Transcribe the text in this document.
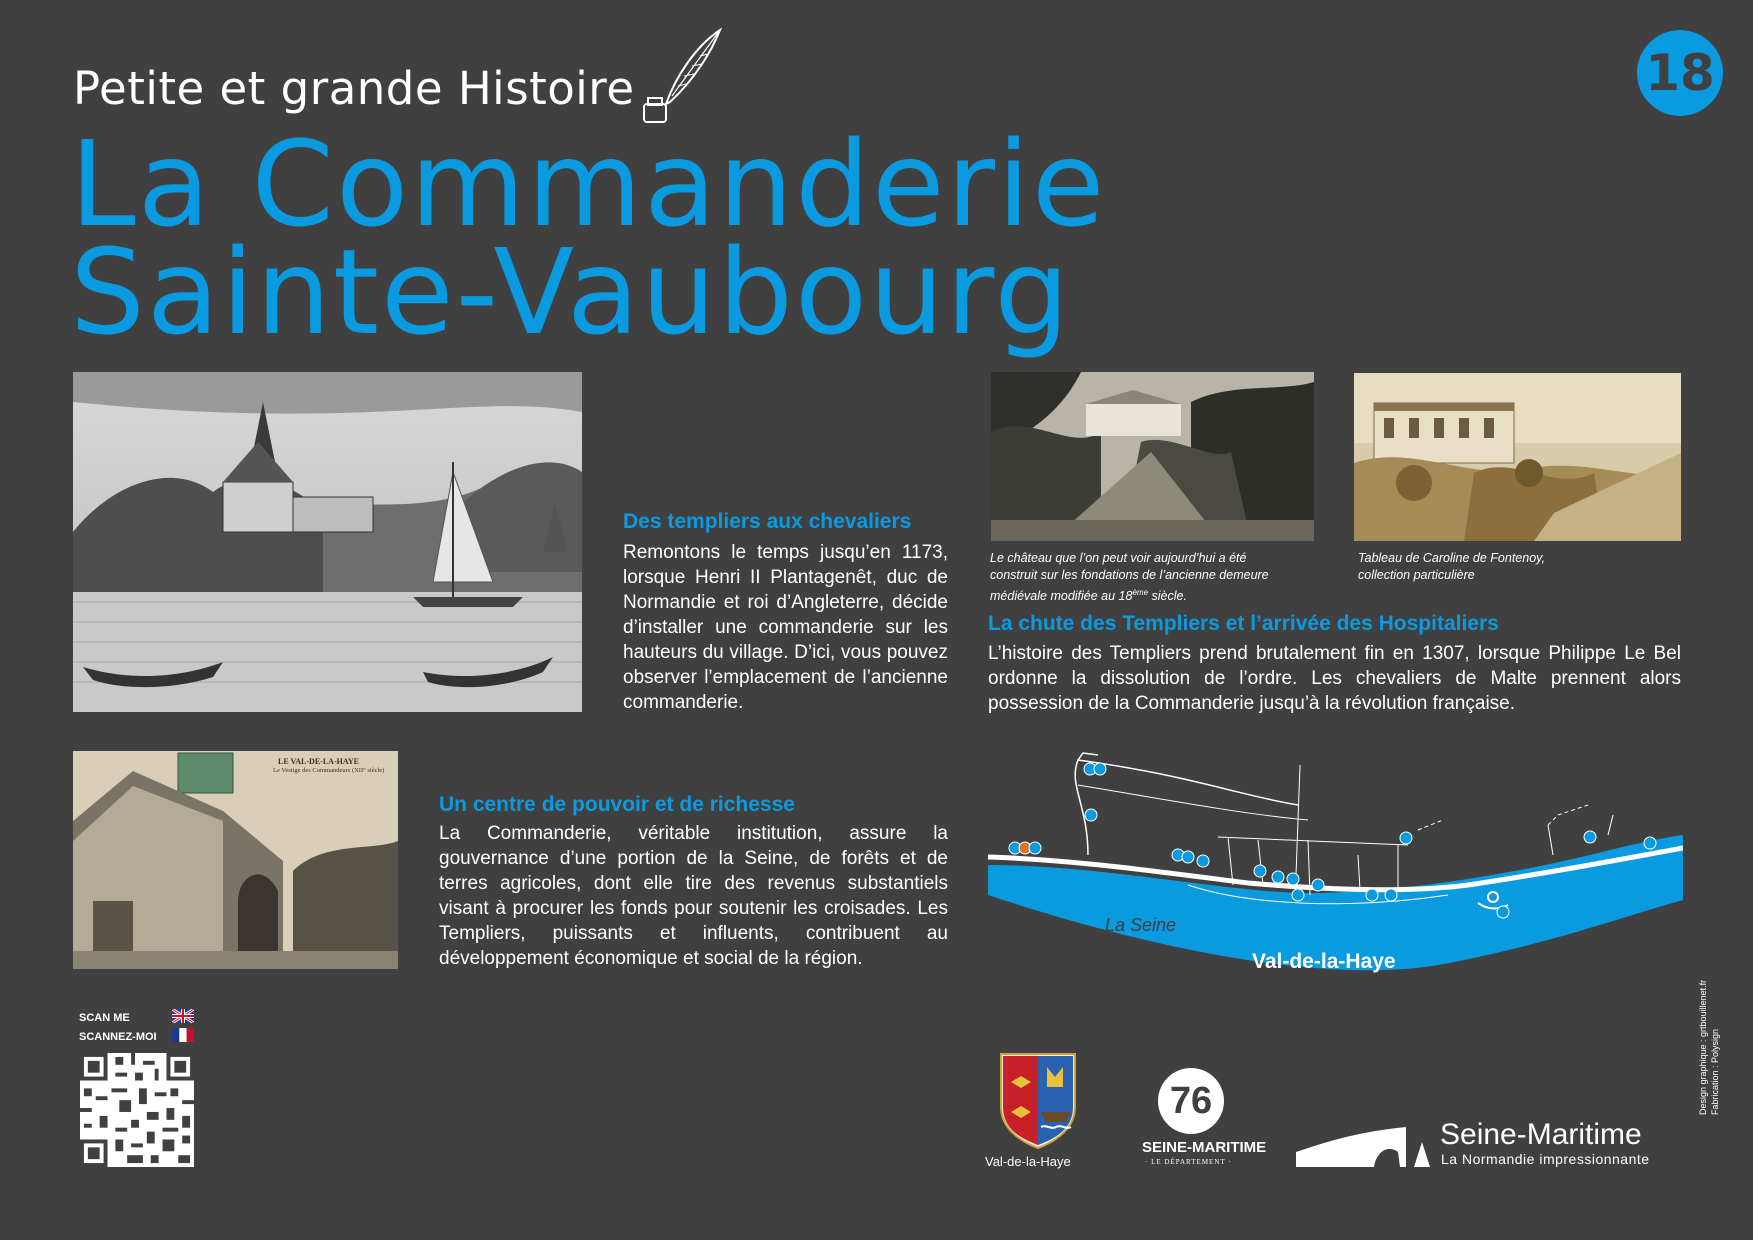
Petite et grande Histoire
La Commanderie
Sainte-Vaubourg
18
Des templiers aux chevaliers
Remontons le temps jusqu’en 1173, lorsque Henri II Plantagenêt, duc de Normandie et roi d’Angleterre, décide d’installer une commanderie sur les hauteurs du village. D’ici, vous pouvez observer l’emplacement de l’ancienne commanderie.
Le château que l’on peut voir aujourd’hui a été
construit sur les fondations de l’ancienne demeure
médiévale modifiée au 18ème siècle.
Tableau de Caroline de Fontenoy,
collection particulière
La chute des Templiers et l’arrivée des Hospitaliers
L’histoire des Templiers prend brutalement fin en 1307, lorsque Philippe Le Bel ordonne la dissolution de l’ordre. Les chevaliers de Malte prennent alors possession de la Commanderie jusqu’à la révolution française.
LE VAL-DE-LA-HAYE
Le Vestige des Commandeurs (XII° siècle)
Un centre de pouvoir et de richesse
La Commanderie, véritable institution, assure la gouvernance d’une portion de la Seine, de forêts et de terres agricoles, dont elle tire des revenus substantiels visant à procurer les fonds pour soutenir les croisades. Les Templiers, puissants et influents, contribuent au développement économique et social de la région.
La Seine
Val-de-la-Haye
SCAN ME
SCANNEZ-MOI	Design graphique : grtbouillenet.fr Fabrication : Polysign
Val-de-la-Haye
76
SEINE-MARITIME
· LE DÉPARTEMENT ·
Seine-Maritime
La Normandie impressionnante
